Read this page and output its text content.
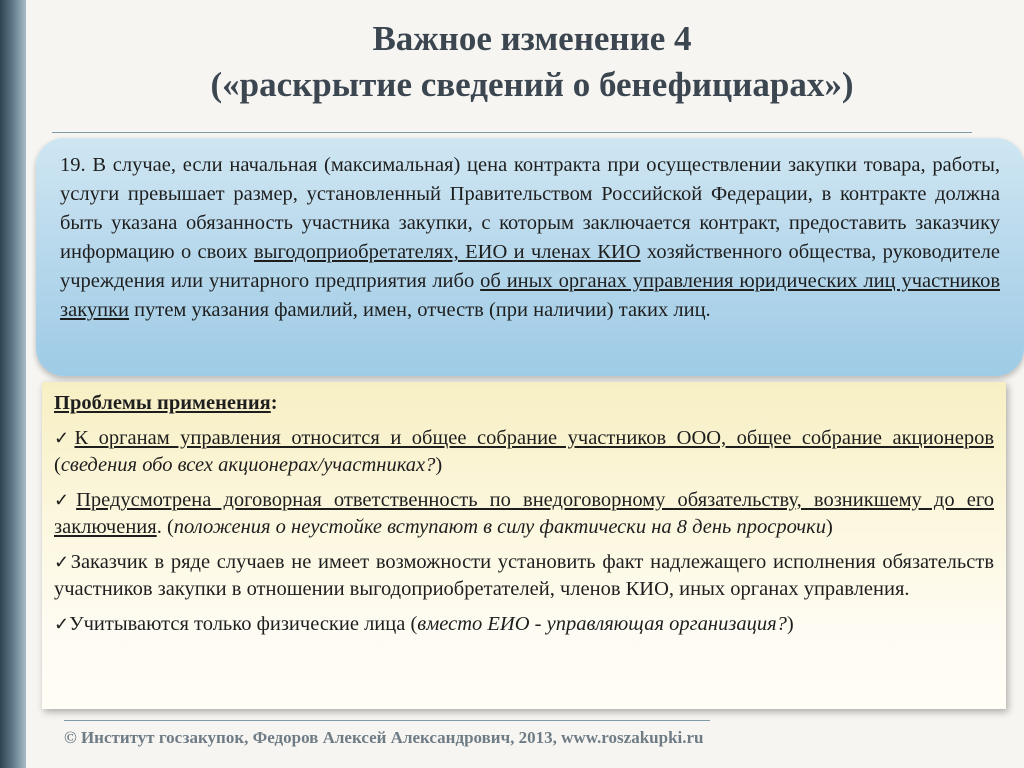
Важное изменение 4
(«раскрытие сведений о бенефициарах»)
19. В случае, если начальная (максимальная) цена контракта при осуществлении закупки товара, работы, услуги превышает размер, установленный Правительством Российской Федерации, в контракте должна быть указана обязанность участника закупки, с которым заключается контракт, предоставить заказчику информацию о своих выгодоприобретателях, ЕИО и членах КИО хозяйственного общества, руководителе учреждения или унитарного предприятия либо об иных органах управления юридических лиц участников закупки путем указания фамилий, имен, отчеств (при наличии) таких лиц.

Проблемы применения:

✓К органам управления относится и общее собрание участников ООО, общее собрание акционеров (сведения обо всех акционерах/участниках?)

✓Предусмотрена договорная ответственность по внедоговорному обязательству, возникшему до его заключения. (положения о неустойке вступают в силу фактически на 8 день просрочки)

✓Заказчик в ряде случаев не имеет возможности установить факт надлежащего исполнения обязательств участников закупки в отношении выгодоприобретателей, членов КИО, иных органах управления.

✓Учитываются только физические лица (вместо ЕИО - управляющая организация?)

© Институт госзакупок, Федоров Алексей Александрович, 2013, www.roszakupki.ru
